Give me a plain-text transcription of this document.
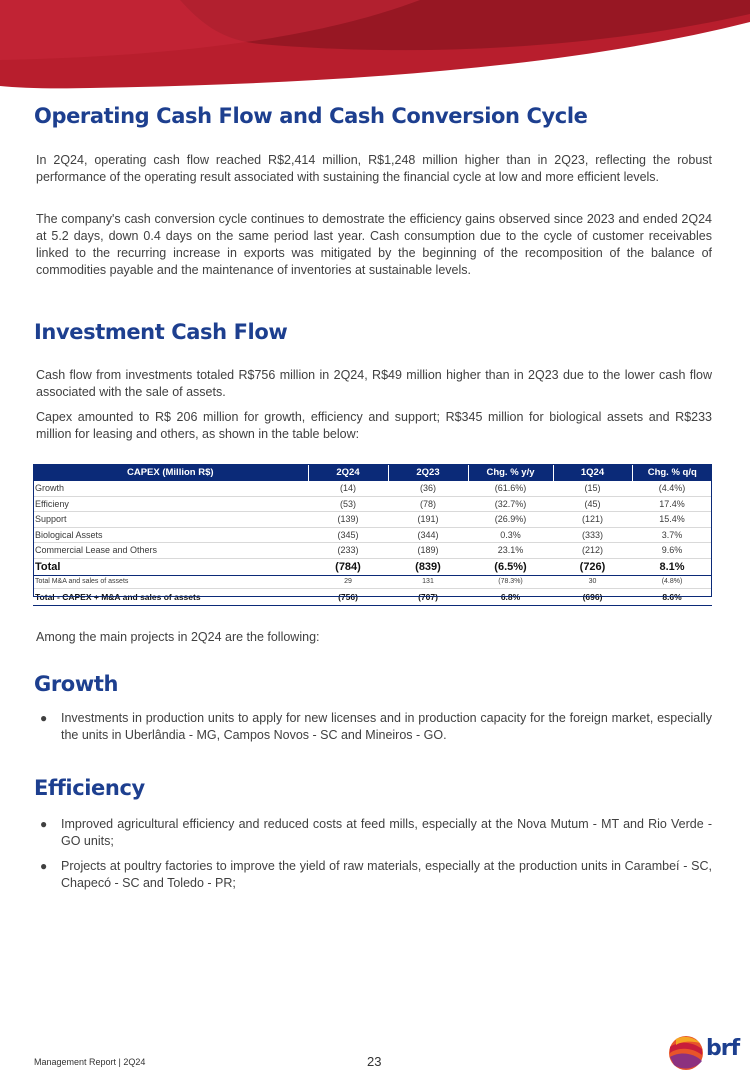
Operating Cash Flow and Cash Conversion Cycle

In 2Q24, operating cash flow reached R$2,414 million, R$1,248 million higher than in 2Q23, reflecting the robust performance of the operating result associated with sustaining the financial cycle at low and more efficient levels.

The company's cash conversion cycle continues to demostrate the efficiency gains observed since 2023 and ended 2Q24 at 5.2 days, down 0.4 days on the same period last year. Cash consumption due to the cycle of customer receivables linked to the recurring increase in exports was mitigated by the beginning of the recomposition of the balance of commodities payable and the maintenance of inventories at sustainable levels.

Investment Cash Flow

Cash flow from investments totaled R$756 million in 2Q24, R$49 million higher than in 2Q23 due to the lower cash flow associated with the sale of assets.

Capex amounted to R$ 206 million for growth, efficiency and support; R$345 million for biological assets and R$233 million for leasing and others, as shown in the table below:

CAPEX (Million R$)	2Q24	2Q23	Chg. % y/y	1Q24	Chg. % q/q
Growth	(14)	(36)	(61.6%)	(15)	(4.4%)
Efficieny	(53)	(78)	(32.7%)	(45)	17.4%
Support	(139)	(191)	(26.9%)	(121)	15.4%
Biological Assets	(345)	(344)	0.3%	(333)	3.7%
Commercial Lease and Others	(233)	(189)	23.1%	(212)	9.6%
Total	(784)	(839)	(6.5%)	(726)	8.1%
Total M&A and sales of assets	29	131	(78.3%)	30	(4.8%)
Total - CAPEX + M&A and sales of assets	(756)	(707)	6.8%	(696)	8.6%

Among the main projects in 2Q24 are the following:

Growth
● Investments in production units to apply for new licenses and in production capacity for the foreign market, especially the units in Uberlândia - MG, Campos Novos - SC and Mineiros - GO.
Efficiency
● Improved agricultural efficiency and reduced costs at feed mills, especially at the Nova Mutum - MT and Rio Verde - GO units;
● Projects at poultry factories to improve the yield of raw materials, especially at the production units in Carambeí - SC, Chapecó - SC and Toledo - PR;
Management Report | 2Q24	23
brf
